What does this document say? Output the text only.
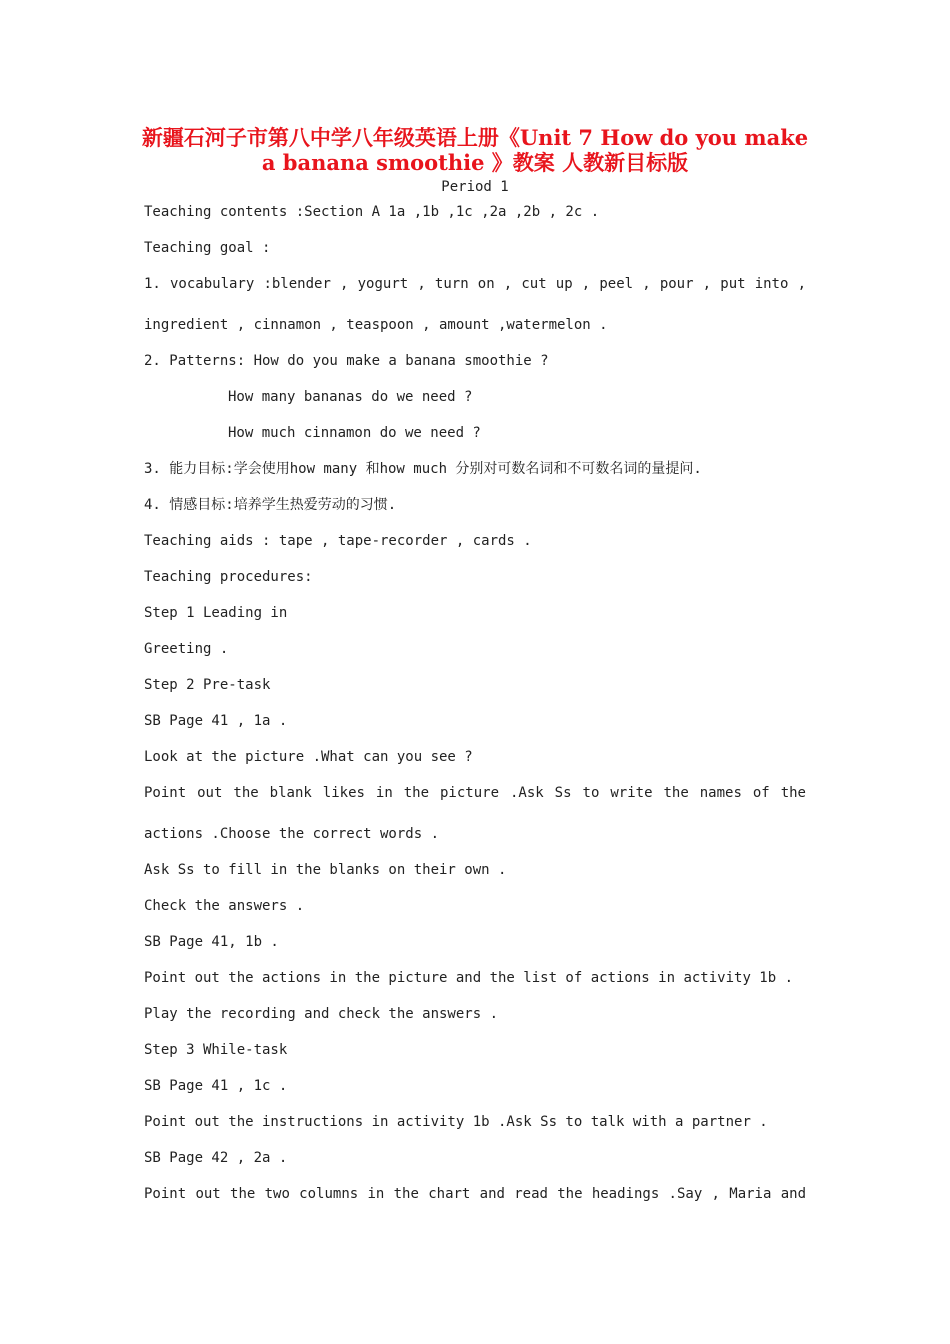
新疆石河子市第八中学八年级英语上册《Unit 7 How do you make
a banana smoothie 》教案 人教新目标版
Period 1
Teaching contents :Section A 1a ,1b ,1c ,2a ,2b , 2c .
Teaching goal :
1. vocabulary :blender , yogurt , turn on , cut up , peel , pour , put into ,
ingredient , cinnamon , teaspoon , amount ,watermelon .
2. Patterns: How do you make a banana smoothie ?
How many bananas do we need ?
How much cinnamon do we need ?
3. 能力目标:学会使用how many 和how much 分别对可数名词和不可数名词的量提问.
4. 情感目标:培养学生热爱劳动的习惯.
Teaching aids : tape , tape-recorder , cards .
Teaching procedures:
Step 1 Leading in
Greeting .
Step 2 Pre-task
SB Page 41 , 1a .
Look at the picture .What can you see ?
Point out the blank likes in the picture .Ask Ss to write the names of the
actions .Choose the correct words .
Ask Ss to fill in the blanks on their own .
Check the answers .
SB Page 41, 1b .
Point out the actions in the picture and the list of actions in activity 1b .
Play the recording and check the answers .
Step 3 While-task
SB Page 41 , 1c .
Point out the instructions in activity 1b .Ask Ss to talk with a partner .
SB Page 42 , 2a .
Point out the two columns in the chart and read the headings .Say , Maria and
